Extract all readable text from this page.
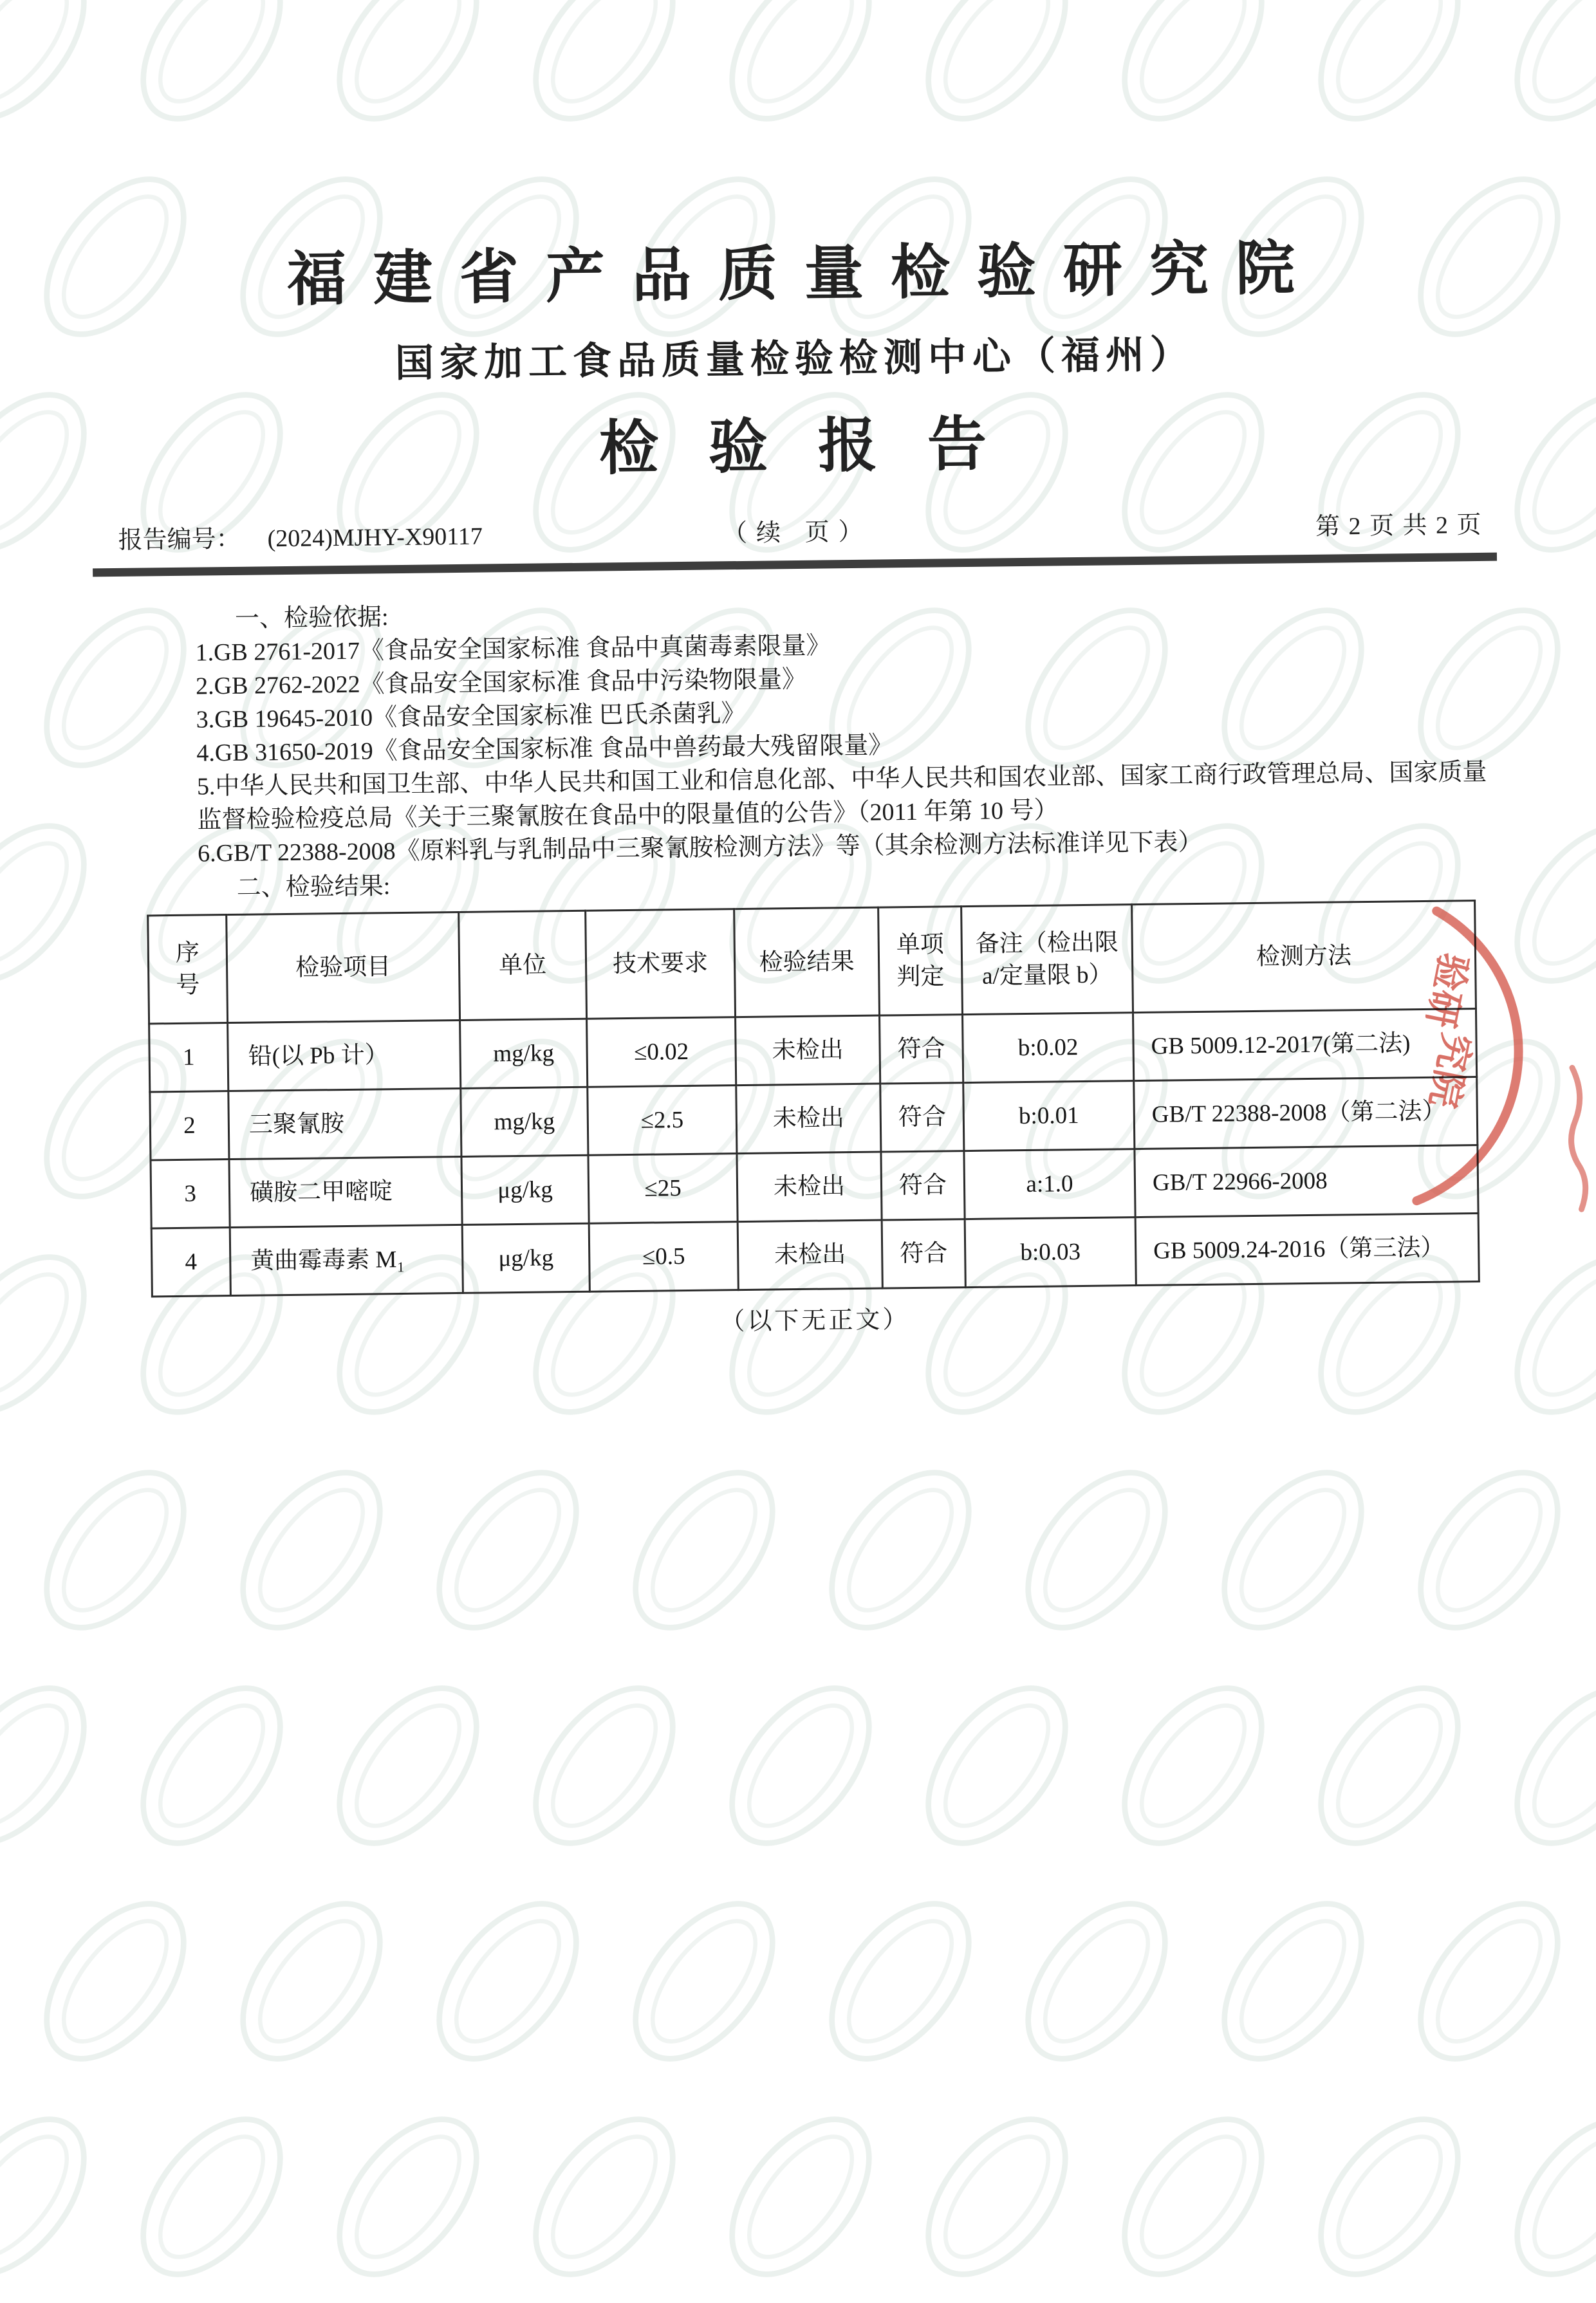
福建省产品质量检验研究院
国家加工食品质量检验检测中心（福州）
检验报告
报告编号： (2024)MJHY-X90117	（续 页）	第 2 页 共 2 页

一、检验依据:

1.GB 2761-2017《食品安全国家标准 食品中真菌毒素限量》

2.GB 2762-2022《食品安全国家标准 食品中污染物限量》

3.GB 19645-2010《食品安全国家标准 巴氏杀菌乳》

4.GB 31650-2019《食品安全国家标准 食品中兽药最大残留限量》

5.中华人民共和国卫生部、中华人民共和国工业和信息化部、中华人民共和国农业部、国家工商行政管理总局、国家质量监督检验检疫总局《关于三聚氰胺在食品中的限量值的公告》（2011 年第 10 号）

6.GB/T 22388-2008《原料乳与乳制品中三聚氰胺检测方法》等（其余检测方法标准详见下表）

二、检验结果:
序号	检验项目	单位	技术要求	检验结果	单项判定	备注（检出限 a/定量限 b）	检测方法
1	铅(以 Pb 计）	mg/kg	≤0.02	未检出	符合	b:0.02	GB 5009.12-2017(第二法)
2	三聚氰胺	mg/kg	≤2.5	未检出	符合	b:0.01	GB/T 22388-2008（第二法）
3	磺胺二甲嘧啶	μg/kg	≤25	未检出	符合	a:1.0	GB/T 22966-2008
4	黄曲霉毒素 M₁	μg/kg	≤0.5	未检出	符合	b:0.03	GB 5009.24-2016（第三法）
（以下无正文）
验研
究院
